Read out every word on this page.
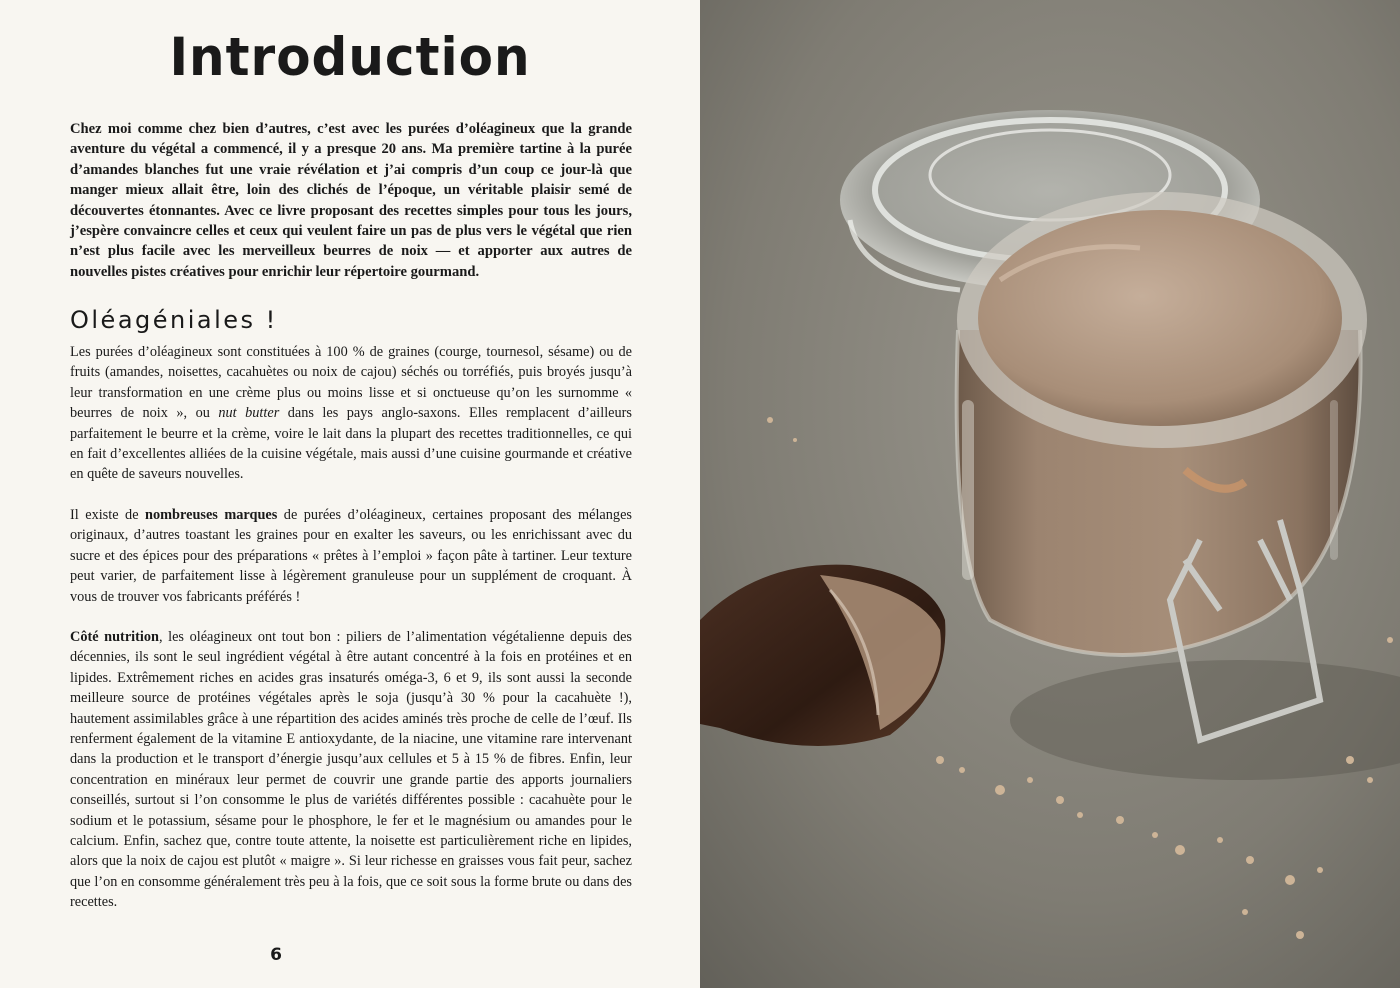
Introduction
Chez moi comme chez bien d’autres, c’est avec les purées d’oléagineux que la grande aventure du végétal a commencé, il y a presque 20 ans. Ma première tartine à la purée d’amandes blanches fut une vraie révélation et j’ai compris d’un coup ce jour-là que manger mieux allait être, loin des clichés de l’époque, un véritable plaisir semé de découvertes étonnantes. Avec ce livre proposant des recettes simples pour tous les jours, j’espère convaincre celles et ceux qui veulent faire un pas de plus vers le végétal que rien n’est plus facile avec les merveilleux beurres de noix — et apporter aux autres de nouvelles pistes créatives pour enrichir leur répertoire gourmand.
Oléagéniales !

Les purées d’oléagineux sont constituées à 100 % de graines (courge, tournesol, sésame) ou de fruits (amandes, noisettes, cacahuètes ou noix de cajou) séchés ou torréfiés, puis broyés jusqu’à leur transformation en une crème plus ou moins lisse et si onctueuse qu’on les surnomme « beurres de noix », ou nut butter dans les pays anglo-saxons. Elles remplacent d’ailleurs parfaitement le beurre et la crème, voire le lait dans la plupart des recettes traditionnelles, ce qui en fait d’excellentes alliées de la cuisine végétale, mais aussi d’une cuisine gourmande et créative en quête de saveurs nouvelles.

Il existe de nombreuses marques de purées d’oléagineux, certaines proposant des mélanges originaux, d’autres toastant les graines pour en exalter les saveurs, ou les enrichissant avec du sucre et des épices pour des préparations « prêtes à l’emploi » façon pâte à tartiner. Leur texture peut varier, de parfaitement lisse à légèrement granuleuse pour un supplément de croquant. À vous de trouver vos fabricants préférés !

Côté nutrition, les oléagineux ont tout bon : piliers de l’alimentation végétalienne depuis des décennies, ils sont le seul ingrédient végétal à être autant concentré à la fois en protéines et en lipides. Extrêmement riches en acides gras insaturés oméga-3, 6 et 9, ils sont aussi la seconde meilleure source de protéines végétales après le soja (jusqu’à 30 % pour la cacahuète !), hautement assimilables grâce à une répartition des acides aminés très proche de celle de l’œuf. Ils renferment également de la vitamine E antioxydante, de la niacine, une vitamine rare intervenant dans la production et le transport d’énergie jusqu’aux cellules et 5 à 15 % de fibres. Enfin, leur concentration en minéraux leur permet de couvrir une grande partie des apports journaliers conseillés, surtout si l’on consomme le plus de variétés différentes possible : cacahuète pour le sodium et le potassium, sésame pour le phosphore, le fer et le magnésium ou amandes pour le calcium. Enfin, sachez que, contre toute attente, la noisette est particulièrement riche en lipides, alors que la noix de cajou est plutôt « maigre ». Si leur richesse en graisses vous fait peur, sachez que l’on en consomme généralement très peu à la fois, que ce soit sous la forme brute ou dans des recettes.

6
